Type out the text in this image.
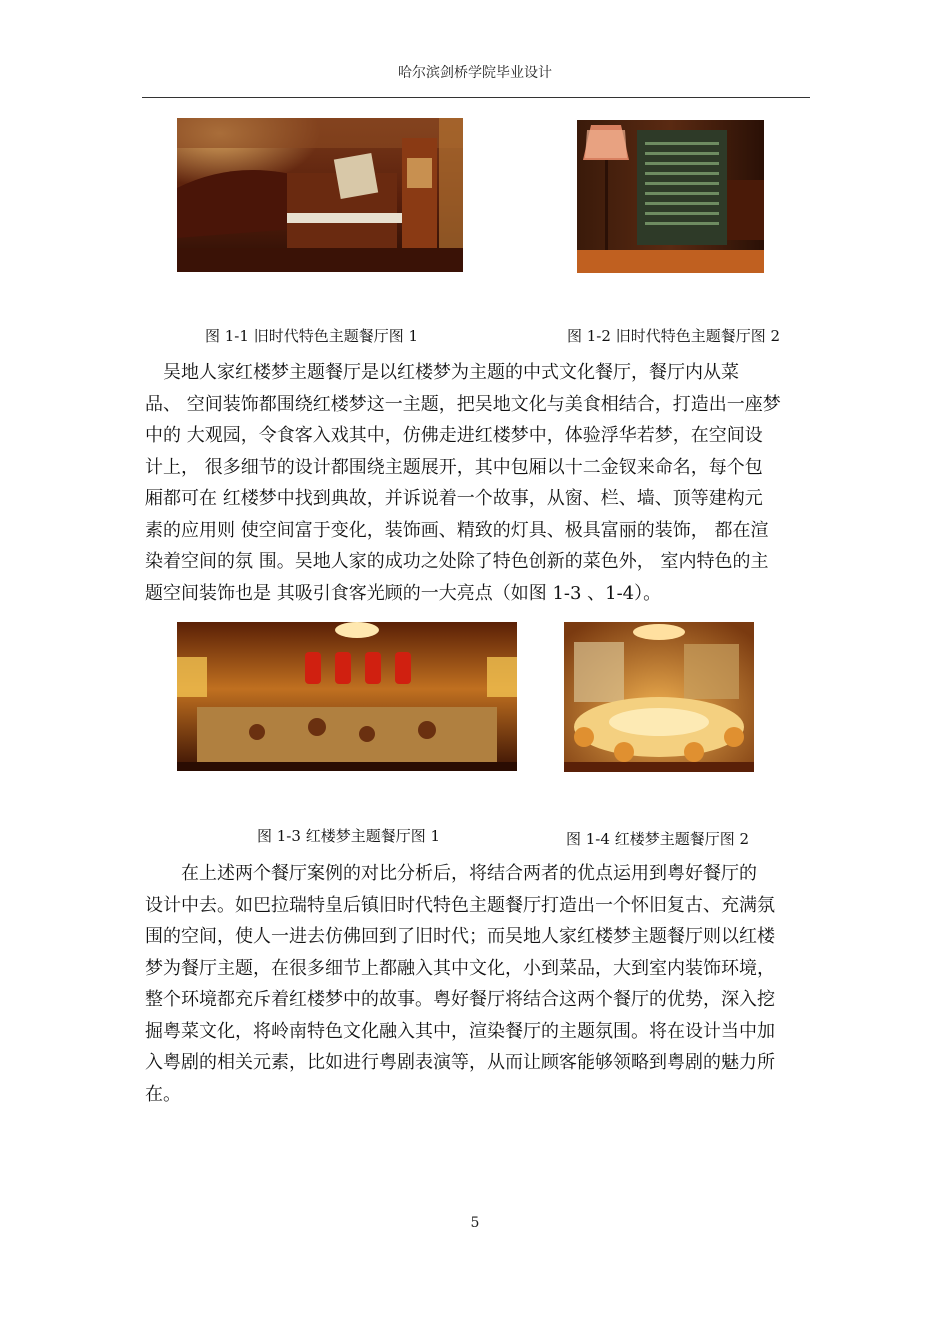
哈尔滨剑桥学院毕业设计
图 1-1 旧时代特色主题餐厅图 1	图 1-2 旧时代特色主题餐厅图 2
　吴地人家红楼梦主题餐厅是以红楼梦为主题的中式文化餐厅，餐厅内从菜
品、 空间装饰都围绕红楼梦这一主题，把吴地文化与美食相结合，打造出一座梦
中的 大观园，令食客入戏其中，仿佛走进红楼梦中，体验浮华若梦，在空间设
计上， 很多细节的设计都围绕主题展开，其中包厢以十二金钗来命名，每个包
厢都可在 红楼梦中找到典故，并诉说着一个故事，从窗、栏、墙、顶等建构元
素的应用则 使空间富于变化，装饰画、精致的灯具、极具富丽的装饰， 都在渲
染着空间的氛 围。吴地人家的成功之处除了特色创新的菜色外， 室内特色的主
题空间装饰也是 其吸引食客光顾的一大亮点（如图 1-3 、1-4）。
图 1-3 红楼梦主题餐厅图 1	图 1-4 红楼梦主题餐厅图 2
　　在上述两个餐厅案例的对比分析后，将结合两者的优点运用到粤好餐厅的
设计中去。如巴拉瑞特皇后镇旧时代特色主题餐厅打造出一个怀旧复古、充满氛
围的空间，使人一进去仿佛回到了旧时代；而吴地人家红楼梦主题餐厅则以红楼
梦为餐厅主题，在很多细节上都融入其中文化，小到菜品，大到室内装饰环境，
整个环境都充斥着红楼梦中的故事。粤好餐厅将结合这两个餐厅的优势，深入挖
掘粤菜文化，将岭南特色文化融入其中，渲染餐厅的主题氛围。将在设计当中加
入粤剧的相关元素，比如进行粤剧表演等，从而让顾客能够领略到粤剧的魅力所
在。
5
